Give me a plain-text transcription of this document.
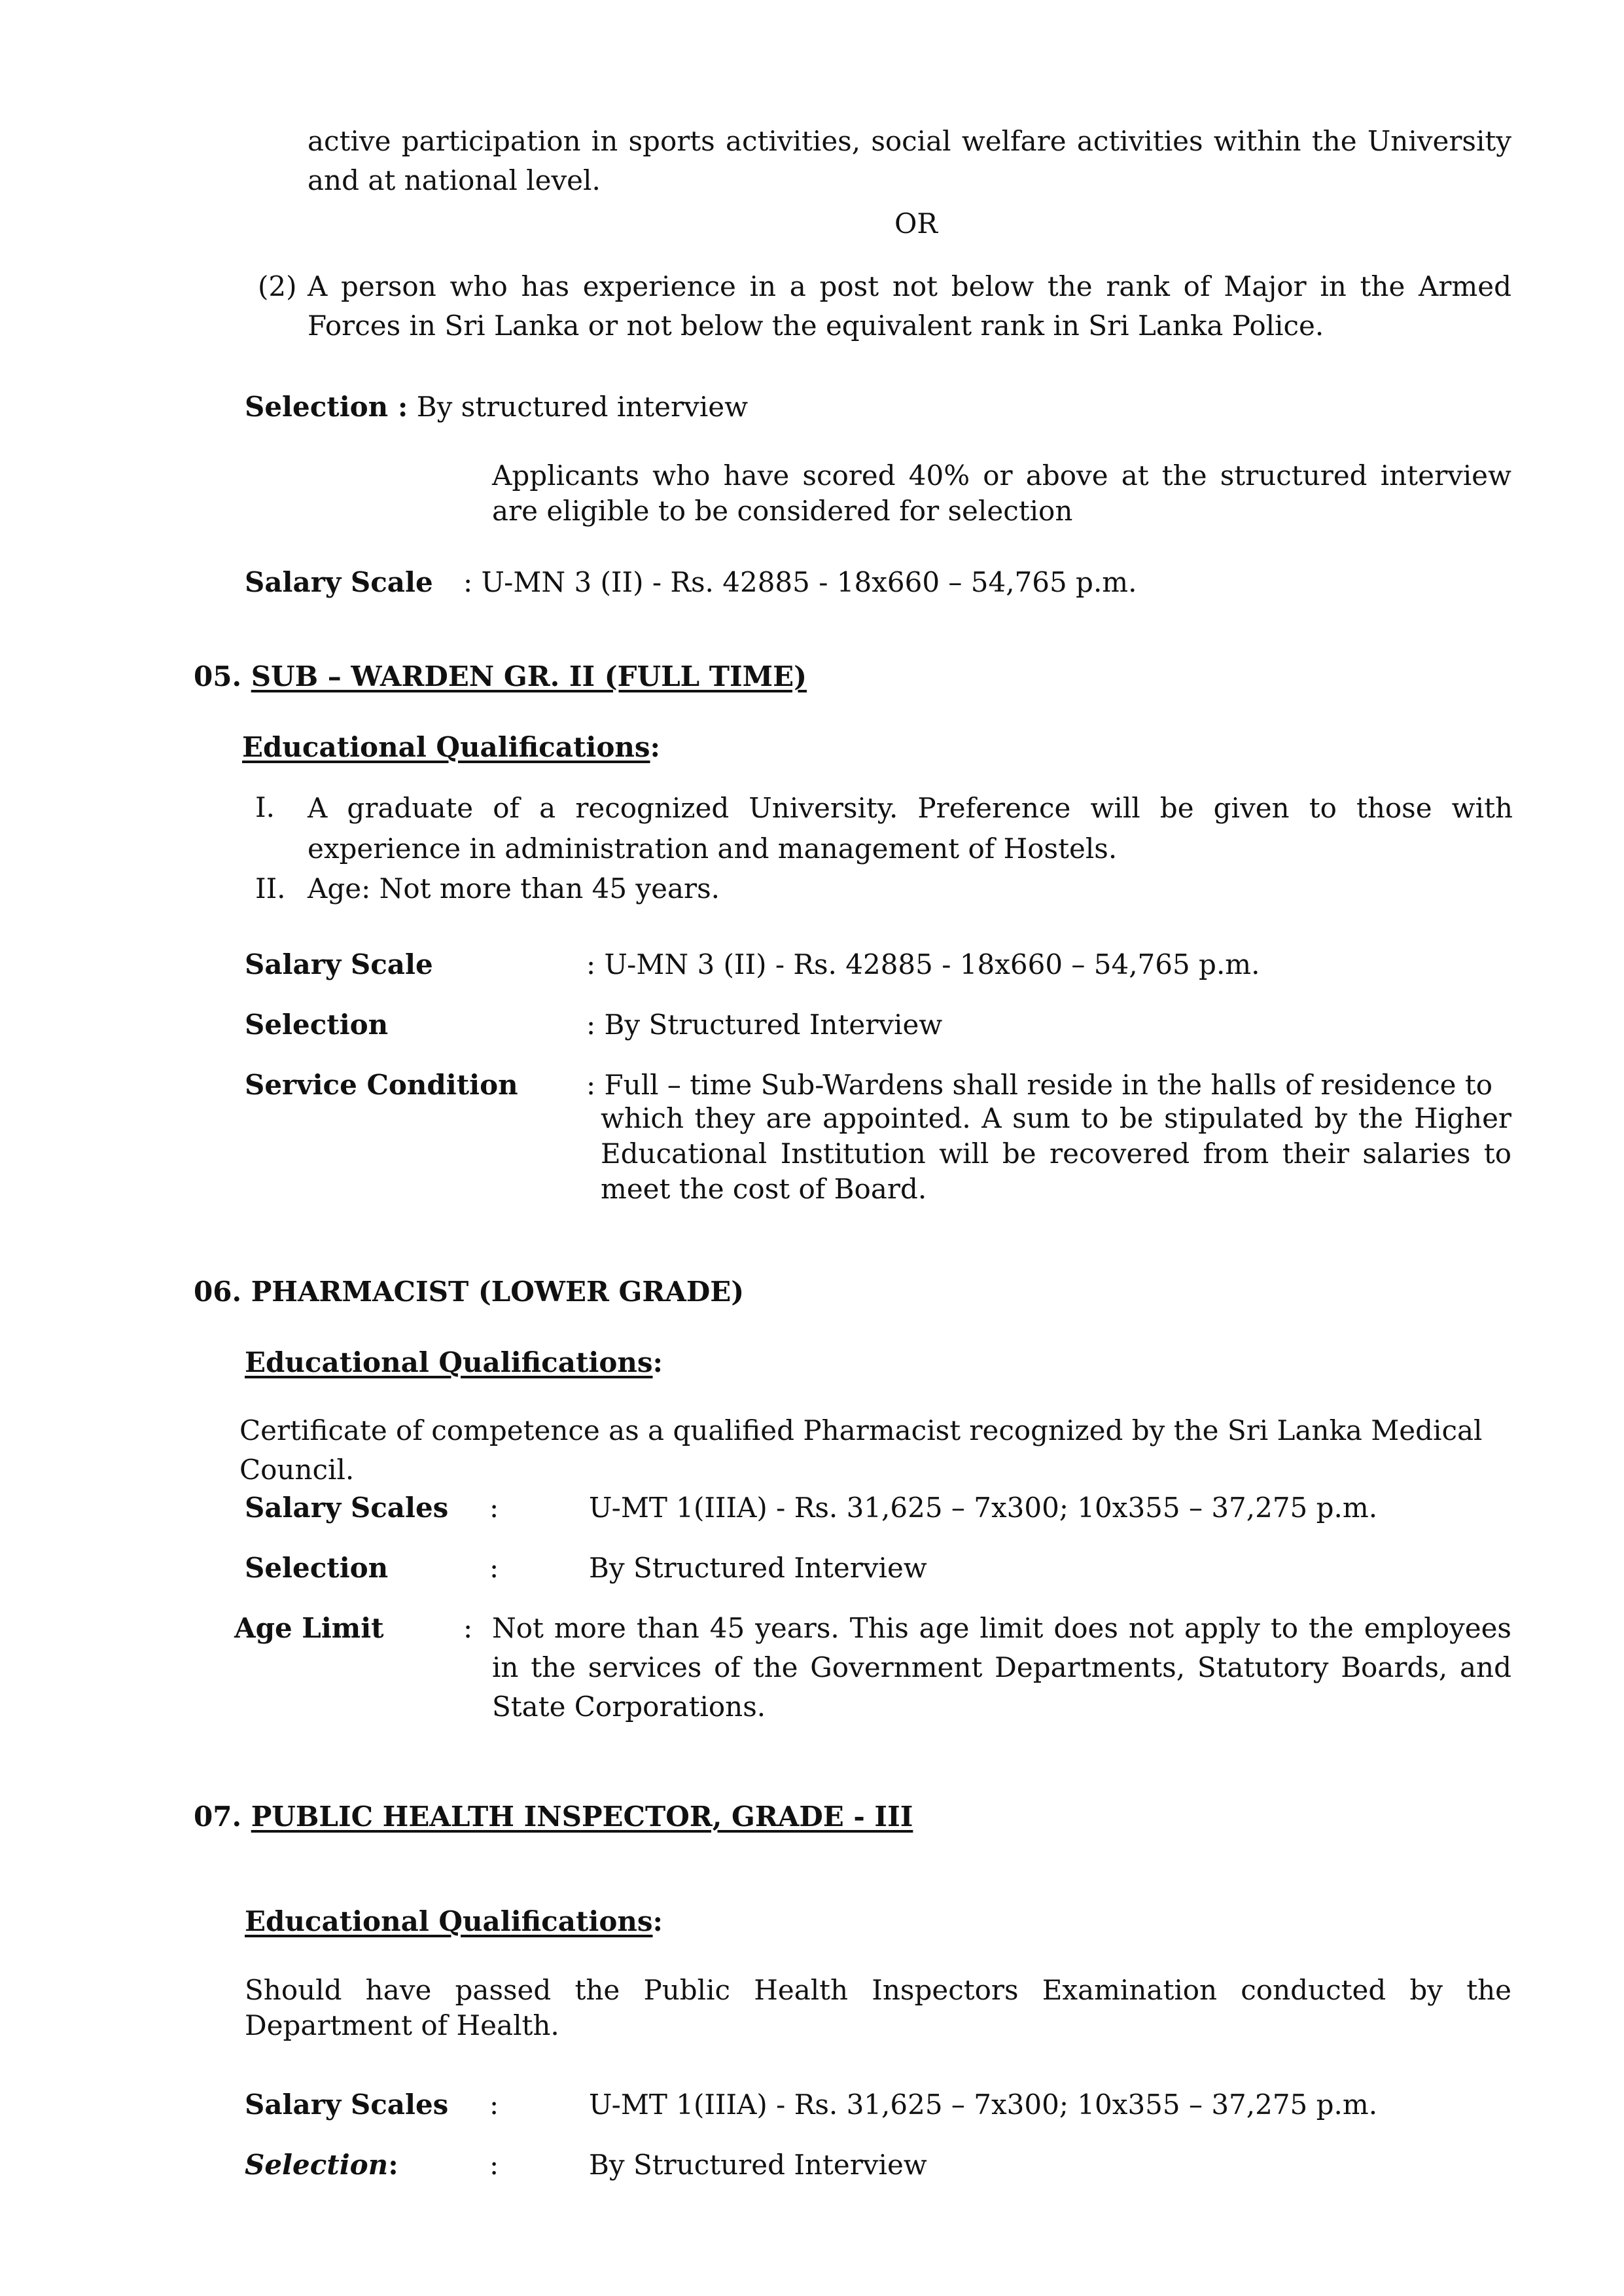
active participation in sports activities, social welfare activities within the University and at national level.
OR
(2) A person who has experience in a post not below the rank of Major in the Armed Forces in Sri Lanka or not below the equivalent rank in Sri Lanka Police.
Selection : By structured interview
Applicants who have scored 40% or above at the structured interview are eligible to be considered for selection
Salary Scale : U-MN 3 (II) - Rs. 42885 - 18x660 – 54,765 p.m.
05. SUB – WARDEN GR. II (FULL TIME)
Educational Qualifications:
I. A graduate of a recognized University. Preference will be given to those with experience in administration and management of Hostels.
II. Age: Not more than 45 years.
Salary Scale	: U-MN 3 (II) - Rs. 42885 - 18x660 – 54,765 p.m.
Selection	: By Structured Interview
Service Condition : Full – time Sub-Wardens shall reside in the halls of residence to
which they are appointed. A sum to be stipulated by the Higher Educational Institution will be recovered from their salaries to meet the cost of Board.
06. PHARMACIST (LOWER GRADE)
Educational Qualifications:
Certificate of competence as a qualified Pharmacist recognized by the Sri Lanka Medical Council.
Salary Scales :	U-MT 1(IIIA) - Rs. 31,625 – 7x300; 10x355 – 37,275 p.m.
Selection	:	By Structured Interview
Age Limit	: Not more than 45 years. This age limit does not apply to the employees in the services of the Government Departments, Statutory Boards, and State Corporations.
07. PUBLIC HEALTH INSPECTOR, GRADE - III
Educational Qualifications:
Should have passed the Public Health Inspectors Examination conducted by the Department of Health.
Salary Scales :	U-MT 1(IIIA) - Rs. 31,625 – 7x300; 10x355 – 37,275 p.m.
Selection:	:	By Structured Interview
